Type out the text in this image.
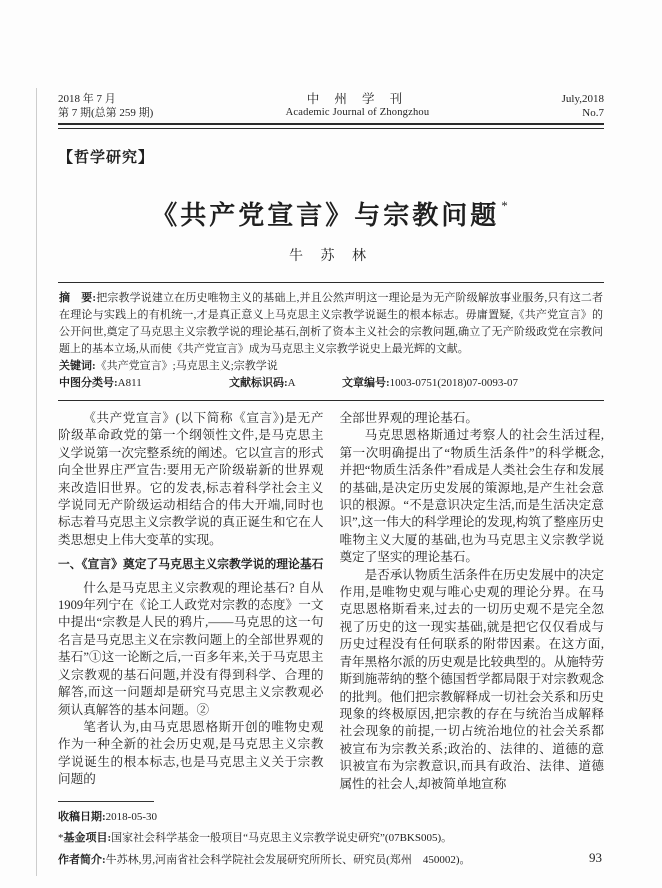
2018 年 7 月
第 7 期(总第 259 期)
中 州 学 刊
Academic Journal of Zhongzhou
July,2018
No.7
【哲学研究】
《共产党宣言》与宗教问题 *
牛 苏 林

摘　要:把宗教学说建立在历史唯物主义的基础上,并且公然声明这一理论是为无产阶级解放事业服务,只有这二者在理论与实践上的有机统一,才是真正意义上马克思主义宗教学说诞生的根本标志。毋庸置疑,《共产党宣言》的公开问世,奠定了马克思主义宗教学说的理论基石,剖析了资本主义社会的宗教问题,确立了无产阶级政党在宗教问题上的基本立场,从而使《共产党宣言》成为马克思主义宗教学说史上最光辉的文献。

关键词:《共产党宣言》;马克思主义;宗教学说

中图分类号:A811	文献标识码:A	文章编号:1003-0751(2018)07-0093-07

《共产党宣言》(以下简称《宣言》)是无产阶级革命政党的第一个纲领性文件,是马克思主义学说第一次完整系统的阐述。它以宣言的形式向全世界庄严宣告:要用无产阶级崭新的世界观来改造旧世界。它的发表,标志着科学社会主义学说同无产阶级运动相结合的伟大开端,同时也标志着马克思主义宗教学说的真正诞生和它在人类思想史上伟大变革的实现。

一、《宣言》奠定了马克思主义宗教学说的理论基石

什么是马克思主义宗教观的理论基石? 自从1909年列宁在《论工人政党对宗教的态度》一文中提出“宗教是人民的鸦片,——马克思的这一句名言是马克思主义在宗教问题上的全部世界观的基石”①这一论断之后,一百多年来,关于马克思主义宗教观的基石问题,并没有得到科学、合理的解答,而这一问题却是研究马克思主义宗教观必须认真解答的基本问题。②

笔者认为,由马克思恩格斯开创的唯物史观作为一种全新的社会历史观,是马克思主义宗教学说诞生的根本标志,也是马克思主义关于宗教问题的

全部世界观的理论基石。

马克思恩格斯通过考察人的社会生活过程,第一次明确提出了“物质生活条件”的科学概念,并把“物质生活条件”看成是人类社会生存和发展的基础,是决定历史发展的策源地,是产生社会意识的根源。“不是意识决定生活,而是生活决定意识”,这一伟大的科学理论的发现,构筑了整座历史唯物主义大厦的基础,也为马克思主义宗教学说奠定了坚实的理论基石。

是否承认物质生活条件在历史发展中的决定作用,是唯物史观与唯心史观的理论分界。在马克思恩格斯看来,过去的一切历史观不是完全忽视了历史的这一现实基础,就是把它仅仅看成与历史过程没有任何联系的附带因素。在这方面,青年黑格尔派的历史观是比较典型的。从施特劳斯到施蒂纳的整个德国哲学都局限于对宗教观念的批判。他们把宗教解释成一切社会关系和历史现象的终极原因,把宗教的存在与统治当成解释社会现象的前提,一切占统治地位的社会关系都被宣布为宗教关系;政治的、法律的、道德的意识被宣布为宗教意识,而具有政治、法律、道德属性的社会人,却被简单地宣称

收稿日期:2018-05-30

*基金项目:国家社会科学基金一般项目“马克思主义宗教学说史研究”(07BKS005)。

作者简介:牛苏林,男,河南省社会科学院社会发展研究所所长、研究员(郑州　450002)。	93
